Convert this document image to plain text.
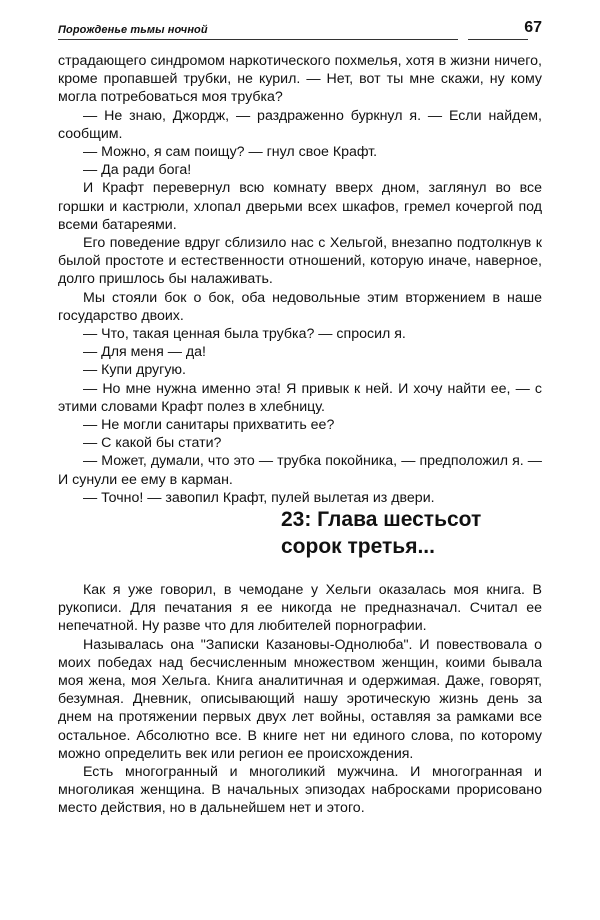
Порожденье тьмы ночной	67

страдающего синдромом наркотического похмелья, хотя в жизни ничего, кроме пропавшей трубки, не курил. — Нет, вот ты мне скажи, ну кому могла потребоваться моя трубка?

— Не знаю, Джордж, — раздраженно буркнул я. — Если найдем, сообщим.

— Можно, я сам поищу? — гнул свое Крафт.

— Да ради бога!

И Крафт перевернул всю комнату вверх дном, заглянул во все горшки и кастрюли, хлопал дверьми всех шкафов, гремел кочергой под всеми батареями.

Его поведение вдруг сблизило нас с Хельгой, внезапно подтолкнув к былой простоте и естественности отношений, которую иначе, наверное, долго пришлось бы налаживать.

Мы стояли бок о бок, оба недовольные этим вторжением в наше государство двоих.

— Что, такая ценная была трубка? — спросил я.

— Для меня — да!

— Купи другую.

— Но мне нужна именно эта! Я привык к ней. И хочу найти ее, — с этими словами Крафт полез в хлебницу.

— Не могли санитары прихватить ее?

— С какой бы стати?

— Может, думали, что это — трубка покойника, — предположил я. — И сунули ее ему в карман.

— Точно! — завопил Крафт, пулей вылетая из двери.

23: Глава шестьсот
сорок третья...

Как я уже говорил, в чемодане у Хельги оказалась моя книга. В рукописи. Для печатания я ее никогда не предназначал. Считал ее непечатной. Ну разве что для любителей порнографии.

Называлась она "Записки Казановы-Однолюба". И повествовала о моих победах над бесчисленным множеством женщин, коими бывала моя жена, моя Хельга. Книга аналитичная и одержимая. Даже, говорят, безумная. Дневник, описывающий нашу эротическую жизнь день за днем на протяжении первых двух лет войны, оставляя за рамками все остальное. Абсолютно все. В книге нет ни единого слова, по которому можно определить век или регион ее происхождения.

Есть многогранный и многоликий мужчина. И многогранная и многоликая женщина. В начальных эпизодах набросками прорисовано место действия, но в дальнейшем нет и этого.
